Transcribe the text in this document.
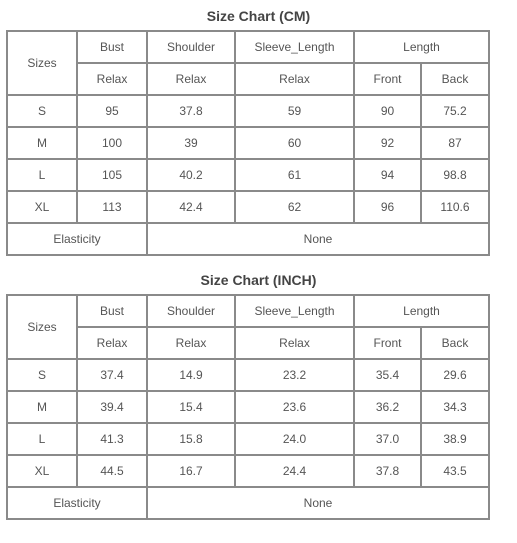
Size Chart (CM)
Sizes	Bust	Shoulder	Sleeve_Length	Length	
	Relax	Relax	Relax	Front	Back
S	95	37.8	59	90	75.2
M	100	39	60	92	87
L	105	40.2	61	94	98.8
XL	113	42.4	62	96	110.6
Elasticity		None			
Size Chart (INCH)
Sizes	Bust	Shoulder	Sleeve_Length	Length	
	Relax	Relax	Relax	Front	Back
S	37.4	14.9	23.2	35.4	29.6
M	39.4	15.4	23.6	36.2	34.3
L	41.3	15.8	24.0	37.0	38.9
XL	44.5	16.7	24.4	37.8	43.5
Elasticity		None			
